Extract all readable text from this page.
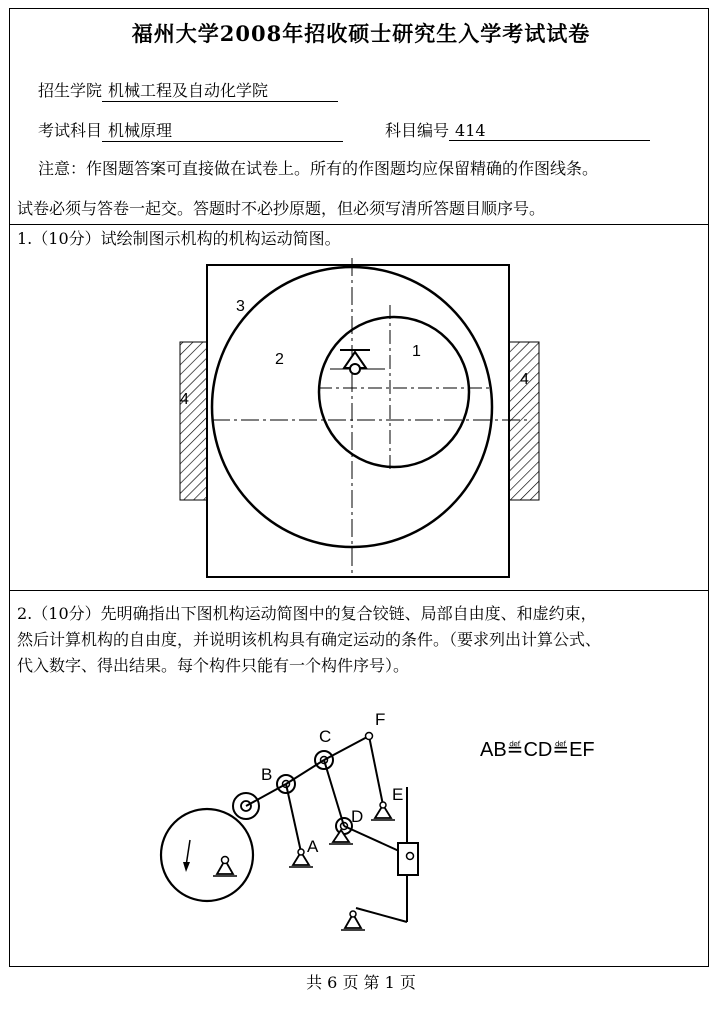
福州大学2008年招收硕士研究生入学考试试卷
招生学院 机械工程及自动化学院
考试科目 机械原理	科目编号 414
注意：作图题答案可直接做在试卷上。所有的作图题均应保留精确的作图线条。
试卷必须与答卷一起交。答题时不必抄原题，但必须写清所答题目顺序号。
1.（10分）试绘制图示机构的机构运动简图。
3
2	1
4
4
2.（10分）先明确指出下图机构运动简图中的复合铰链、局部自由度、和虚约束，
然后计算机构的自由度，并说明该机构具有确定运动的条件。（要求列出计算公式、
代入数字、得出结果。每个构件只能有一个构件序号）。
B
C
F
E
D
A
AB≝CD≝EF
共 6 页 第 1 页
